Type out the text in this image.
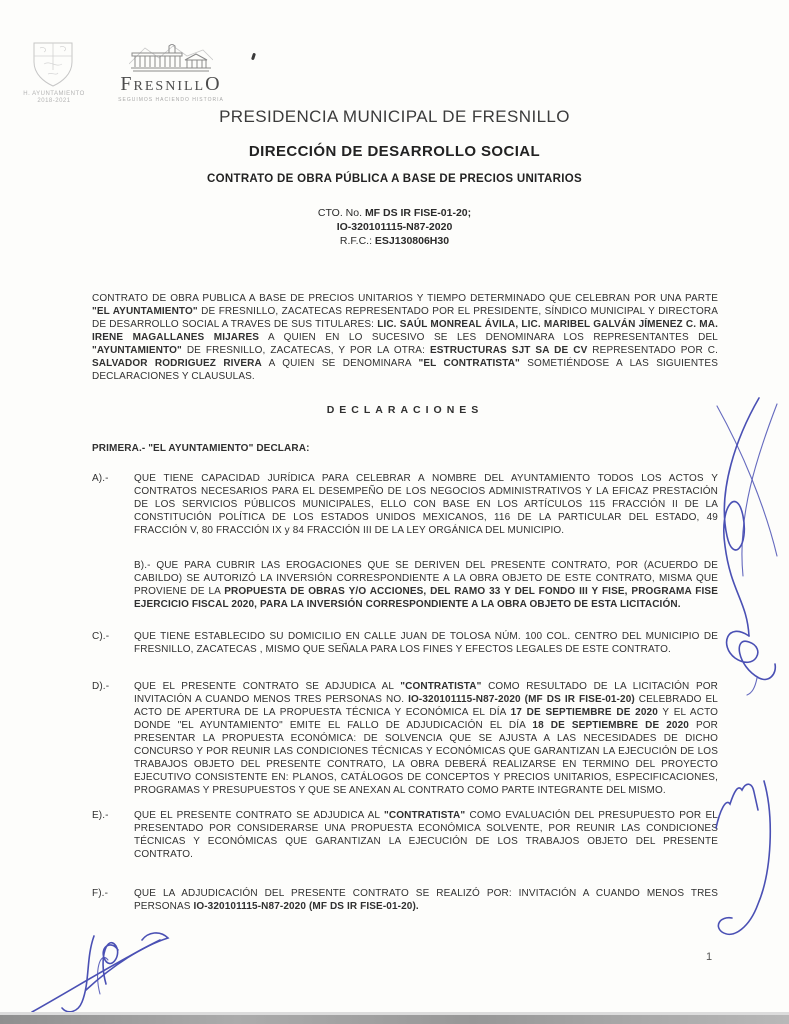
H. AYUNTAMIENTO
2018-2021
FRESNILLO
SEGUIMOS HACIENDO HISTORIA
PRESIDENCIA MUNICIPAL DE FRESNILLO
DIRECCIÓN DE DESARROLLO SOCIAL
CONTRATO DE OBRA PÚBLICA A BASE DE PRECIOS UNITARIOS
CTO. No. MF DS IR FISE-01-20;
IO-320101115-N87-2020
R.F.C.: ESJ130806H30

CONTRATO DE OBRA PUBLICA A BASE DE PRECIOS UNITARIOS Y TIEMPO DETERMINADO QUE CELEBRAN POR UNA PARTE "EL AYUNTAMIENTO" DE FRESNILLO, ZACATECAS REPRESENTADO POR EL PRESIDENTE, SÍNDICO MUNICIPAL Y DIRECTORA DE DESARROLLO SOCIAL A TRAVES DE SUS TITULARES: LIC. SAÚL MONREAL ÁVILA, LIC. MARIBEL GALVÁN JÍMENEZ C. MA. IRENE MAGALLANES MIJARES A QUIEN EN LO SUCESIVO SE LES DENOMINARA LOS REPRESENTANTES DEL "AYUNTAMIENTO" DE FRESNILLO, ZACATECAS, Y POR LA OTRA: ESTRUCTURAS SJT SA DE CV REPRESENTADO POR C. SALVADOR RODRIGUEZ RIVERA A QUIEN SE DENOMINARA "EL CONTRATISTA" SOMETIÉNDOSE A LAS SIGUIENTES DECLARACIONES Y CLAUSULAS.

DECLARACIONES
PRIMERA.- "EL AYUNTAMIENTO" DECLARA:
A).-	QUE TIENE CAPACIDAD JURÍDICA PARA CELEBRAR A NOMBRE DEL AYUNTAMIENTO TODOS LOS ACTOS Y CONTRATOS NECESARIOS PARA EL DESEMPEÑO DE LOS NEGOCIOS ADMINISTRATIVOS Y LA EFICAZ PRESTACIÓN DE LOS SERVICIOS PÚBLICOS MUNICIPALES, ELLO CON BASE EN LOS ARTÍCULOS 115 FRACCIÓN II DE LA CONSTITUCIÓN POLÍTICA DE LOS ESTADOS UNIDOS MEXICANOS, 116 DE LA PARTICULAR DEL ESTADO, 49 FRACCIÓN V, 80 FRACCIÓN IX y 84 FRACCIÓN III DE LA LEY ORGÁNICA DEL MUNICIPIO.
B).- QUE PARA CUBRIR LAS EROGACIONES QUE SE DERIVEN DEL PRESENTE CONTRATO, POR (ACUERDO DE CABILDO) SE AUTORIZÓ LA INVERSIÓN CORRESPONDIENTE A LA OBRA OBJETO DE ESTE CONTRATO, MISMA QUE PROVIENE DE LA PROPUESTA DE OBRAS Y/O ACCIONES, DEL RAMO 33 Y DEL FONDO III Y FISE, PROGRAMA FISE EJERCICIO FISCAL 2020, PARA LA INVERSIÓN CORRESPONDIENTE A LA OBRA OBJETO DE ESTA LICITACIÓN.
C).-	QUE TIENE ESTABLECIDO SU DOMICILIO EN CALLE JUAN DE TOLOSA NÚM. 100 COL. CENTRO DEL MUNICIPIO DE FRESNILLO, ZACATECAS , MISMO QUE SEÑALA PARA LOS FINES Y EFECTOS LEGALES DE ESTE CONTRATO.
D).-	QUE EL PRESENTE CONTRATO SE ADJUDICA AL "CONTRATISTA" COMO RESULTADO DE LA LICITACIÓN POR INVITACIÓN A CUANDO MENOS TRES PERSONAS NO. IO-320101115-N87-2020 (MF DS IR FISE-01-20) CELEBRADO EL ACTO DE APERTURA DE LA PROPUESTA TÉCNICA Y ECONÓMICA EL DÍA 17 DE SEPTIEMBRE DE 2020 Y EL ACTO DONDE "EL AYUNTAMIENTO" EMITE EL FALLO DE ADJUDICACIÓN EL DÍA 18 DE SEPTIEMBRE DE 2020 POR PRESENTAR LA PROPUESTA ECONÓMICA: DE SOLVENCIA QUE SE AJUSTA A LAS NECESIDADES DE DICHO CONCURSO Y POR REUNIR LAS CONDICIONES TÉCNICAS Y ECONÓMICAS QUE GARANTIZAN LA EJECUCIÓN DE LOS TRABAJOS OBJETO DEL PRESENTE CONTRATO, LA OBRA DEBERÁ REALIZARSE EN TERMINO DEL PROYECTO EJECUTIVO CONSISTENTE EN: PLANOS, CATÁLOGOS DE CONCEPTOS Y PRECIOS UNITARIOS, ESPECIFICACIONES, PROGRAMAS Y PRESUPUESTOS Y QUE SE ANEXAN AL CONTRATO COMO PARTE INTEGRANTE DEL MISMO.
E).-	QUE EL PRESENTE CONTRATO SE ADJUDICA AL "CONTRATISTA" COMO EVALUACIÓN DEL PRESUPUESTO POR EL PRESENTADO POR CONSIDERARSE UNA PROPUESTA ECONÓMICA SOLVENTE, POR REUNIR LAS CONDICIONES TÉCNICAS Y ECONÓMICAS QUE GARANTIZAN LA EJECUCIÓN DE LOS TRABAJOS OBJETO DEL PRESENTE CONTRATO.
F).-	QUE LA ADJUDICACIÓN DEL PRESENTE CONTRATO SE REALIZÓ POR: INVITACIÓN A CUANDO MENOS TRES PERSONAS IO-320101115-N87-2020 (MF DS IR FISE-01-20).
1
